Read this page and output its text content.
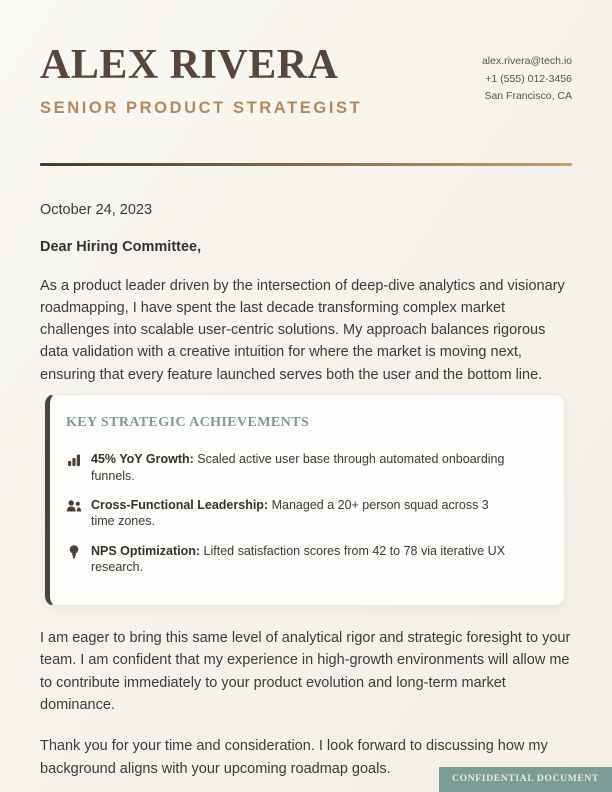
ALEX RIVERA
SENIOR PRODUCT STRATEGIST
alex.rivera@tech.io
+1 (555) 012-3456
San Francisco, CA
October 24, 2023
Dear Hiring Committee,
As a product leader driven by the intersection of deep-dive analytics and visionary roadmapping, I have spent the last decade transforming complex market challenges into scalable user-centric solutions. My approach balances rigorous data validation with a creative intuition for where the market is moving next, ensuring that every feature launched serves both the user and the bottom line.
KEY STRATEGIC ACHIEVEMENTS
45% YoY Growth: Scaled active user base through automated onboarding funnels.
Cross-Functional Leadership: Managed a 20+ person squad across 3 time zones.
NPS Optimization: Lifted satisfaction scores from 42 to 78 via iterative UX research.
I am eager to bring this same level of analytical rigor and strategic foresight to your team. I am confident that my experience in high-growth environments will allow me to contribute immediately to your product evolution and long-term market dominance.
Thank you for your time and consideration. I look forward to discussing how my background aligns with your upcoming roadmap goals.
CONFIDENTIAL DOCUMENT
